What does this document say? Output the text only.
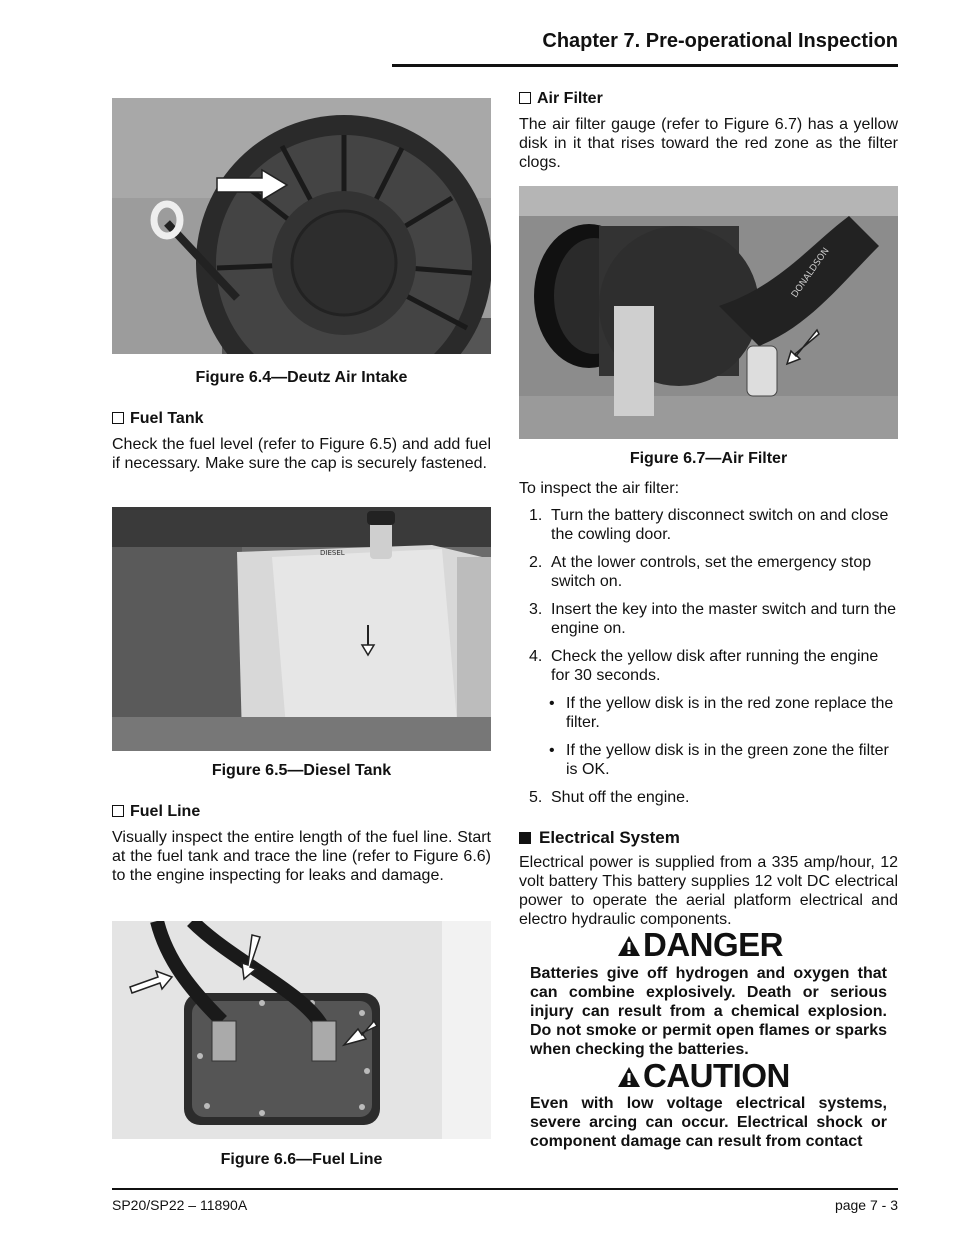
Chapter 7. Pre-operational Inspection
Figure 6.4—Deutz Air Intake
Fuel Tank
Check the fuel level (refer to Figure 6.5) and add fuel if necessary. Make sure the cap is securely fastened.
DIESEL
Figure 6.5—Diesel Tank
Fuel Line
Visually inspect the entire length of the fuel line. Start at the fuel tank and trace the line (refer to Figure 6.6) to the engine inspecting for leaks and damage.
Figure 6.6—Fuel Line
Air Filter
The air filter gauge (refer to Figure 6.7) has a yellow disk in it that rises toward the red zone as the filter clogs.
DONALDSON
Figure 6.7—Air Filter
To inspect the air filter:
1. Turn the battery disconnect switch on and close the cowling door.
2. At the lower controls, set the emergency stop switch on.
3. Insert the key into the master switch and turn the engine on.
4. Check the yellow disk after running the engine for 30 seconds.
• If the yellow disk is in the red zone replace the filter.
• If the yellow disk is in the green zone the filter is OK.
5. Shut off the engine.
Electrical System
Electrical power is supplied from a 335 amp/hour, 12 volt battery This battery supplies 12 volt DC electrical power to operate the aerial platform electrical and electro hydraulic components.
DANGER
Batteries give off hydrogen and oxygen that can combine explosively. Death or serious injury can result from a chemical explosion. Do not smoke or permit open flames or sparks when checking the batteries.
CAUTION
Even with low voltage electrical systems, severe arcing can occur. Electrical shock or component damage can result from contact
SP20/SP22 – 11890A	page 7 - 3
